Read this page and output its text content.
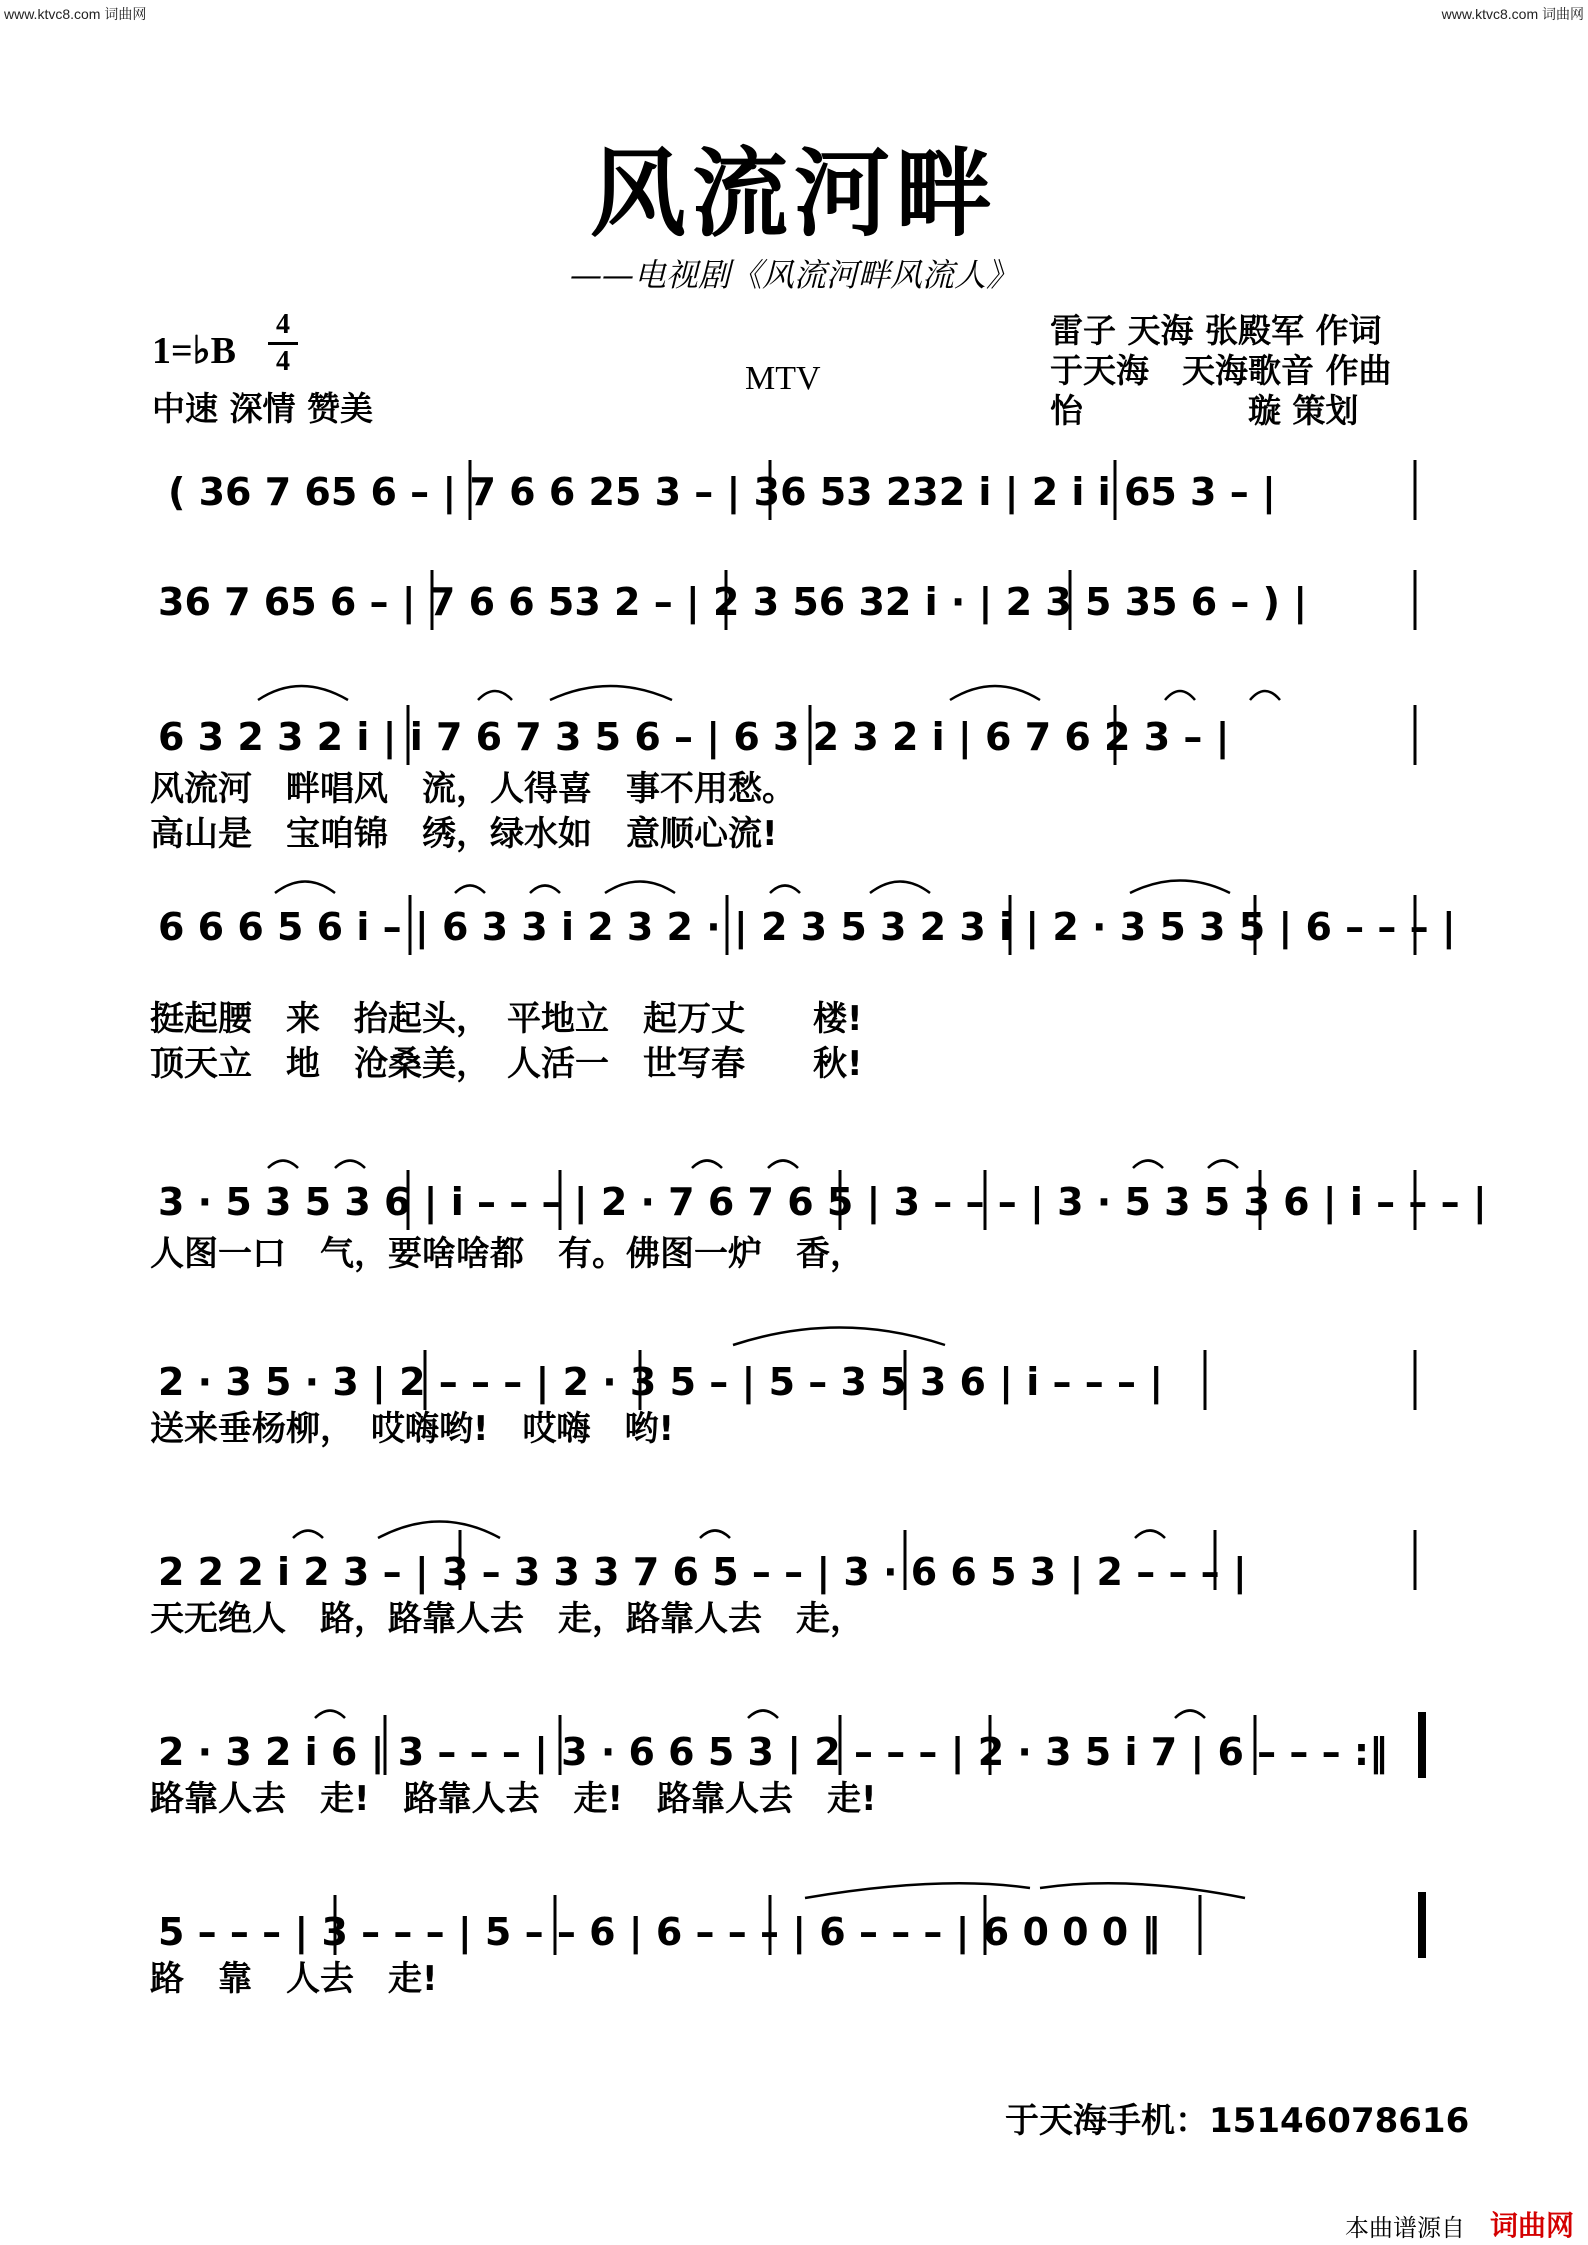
www.ktvc8.com 词曲网	www.ktvc8.com 词曲网
风流河畔
——电视剧《风流河畔风流人》
1=♭B
4
4
中速 深情 赞美
MTV
雷子 天海 张殿军 作词
于天海　天海歌音 作曲
怡　　　　　璇 策划
( 36 7 65 6 – | 7 6 6 25 3 – | 36 53 232 i | 2 i i 65 3 – |
36 7 65 6 – | 7 6 6 53 2 – | 2 3 56 32 i · | 2 3 5 35 6 – ) |
6 3 2 3 2 i | i 7 6 7 3 5 6 – | 6 3 2 3 2 i | 6 7 6 2 3 – |
风流河　畔唱风　流，人得喜　事不用愁。
高山是　宝咱锦　绣，绿水如　意顺心流!
6 6 6 5 6 i – | 6 3 3 i 2 3 2 · | 2 3 5 3 2 3 i | 2 · 3 5 3 5 | 6 – – – |
挺起腰　来　抬起头，　平地立　起万丈　　楼!
顶天立　地　沧桑美，　人活一　世写春　　秋!
3 · 5 3 5 3 6 | i – – – | 2 · 7 6 7 6 5 | 3 – – – | 3 · 5 3 5 3 6 | i – – – |
人图一口　气，要啥啥都　有。佛图一炉　香，
2 · 3 5 · 3 | 2 – – – | 2 · 3 5 – | 5 – 3 5 3 6 | i – – – |
送来垂杨柳，　哎嗨哟!　哎嗨　哟!
2 2 2 i 2 3 – | 3 – 3 3 3 7 6 5 – – | 3 · 6 6 5 3 | 2 – – – |
天无绝人　路，路靠人去　走，路靠人去　走，
2 · 3 2 i 6 | 3 – – – | 3 · 6 6 5 3 | 2 – – – | 2 · 3 5 i 7 | 6 – – – :‖
路靠人去　走!　路靠人去　走!　路靠人去　走!
5 – – – | 3 – – – | 5 – – 6 | 6 – – – | 6 – – – | 6 0 0 0 ‖
路　靠　人去　走!
于天海手机：15146078616
本曲谱源自 词曲网
